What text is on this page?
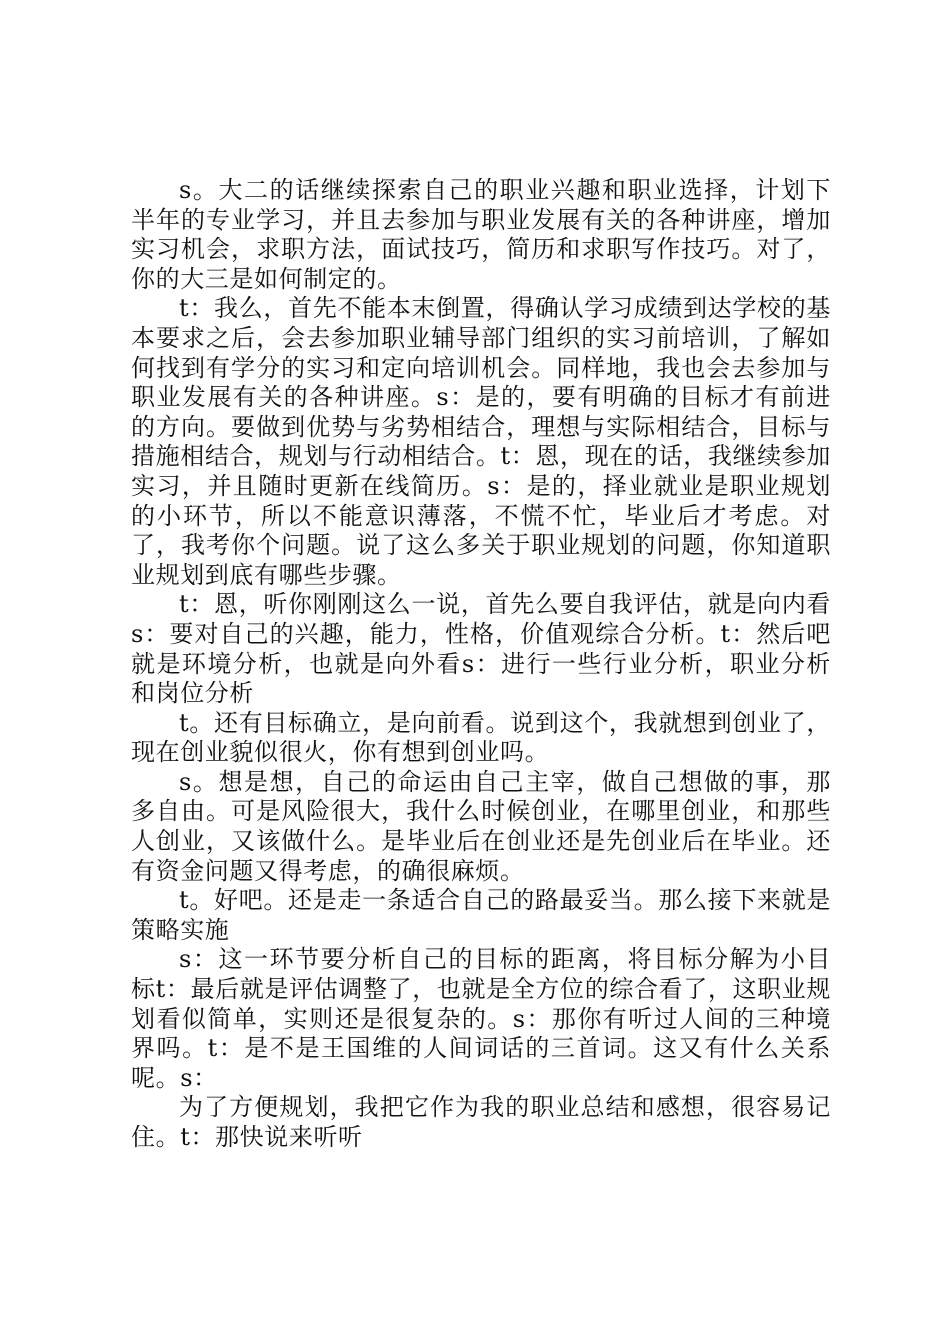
s。大二的话继续探索自己的职业兴趣和职业选择，计划下半年的专业学习，并且去参加与职业发展有关的各种讲座，增加实习机会，求职方法，面试技巧，简历和求职写作技巧。对了，你的大三是如何制定的。

t：我么，首先不能本末倒置，得确认学习成绩到达学校的基本要求之后，会去参加职业辅导部门组织的实习前培训，了解如何找到有学分的实习和定向培训机会。同样地，我也会去参加与职业发展有关的各种讲座。s：是的，要有明确的目标才有前进的方向。要做到优势与劣势相结合，理想与实际相结合，目标与措施相结合，规划与行动相结合。t：恩，现在的话，我继续参加实习，并且随时更新在线简历。s：是的，择业就业是职业规划的小环节，所以不能意识薄落，不慌不忙，毕业后才考虑。对了，我考你个问题。说了这么多关于职业规划的问题，你知道职业规划到底有哪些步骤。

t：恩，听你刚刚这么一说，首先么要自我评估，就是向内看s：要对自己的兴趣，能力，性格，价值观综合分析。t：然后吧就是环境分析，也就是向外看s：进行一些行业分析，职业分析和岗位分析

t。还有目标确立，是向前看。说到这个，我就想到创业了，现在创业貌似很火，你有想到创业吗。

s。想是想，自己的命运由自己主宰，做自己想做的事，那多自由。可是风险很大，我什么时候创业，在哪里创业，和那些人创业，又该做什么。是毕业后在创业还是先创业后在毕业。还有资金问题又得考虑，的确很麻烦。

t。好吧。还是走一条适合自己的路最妥当。那么接下来就是策略实施

s：这一环节要分析自己的目标的距离，将目标分解为小目标t：最后就是评估调整了，也就是全方位的综合看了，这职业规划看似简单，实则还是很复杂的。s：那你有听过人间的三种境界吗。t：是不是王国维的人间词话的三首词。这又有什么关系呢。s：

为了方便规划，我把它作为我的职业总结和感想，很容易记住。t：那快说来听听
